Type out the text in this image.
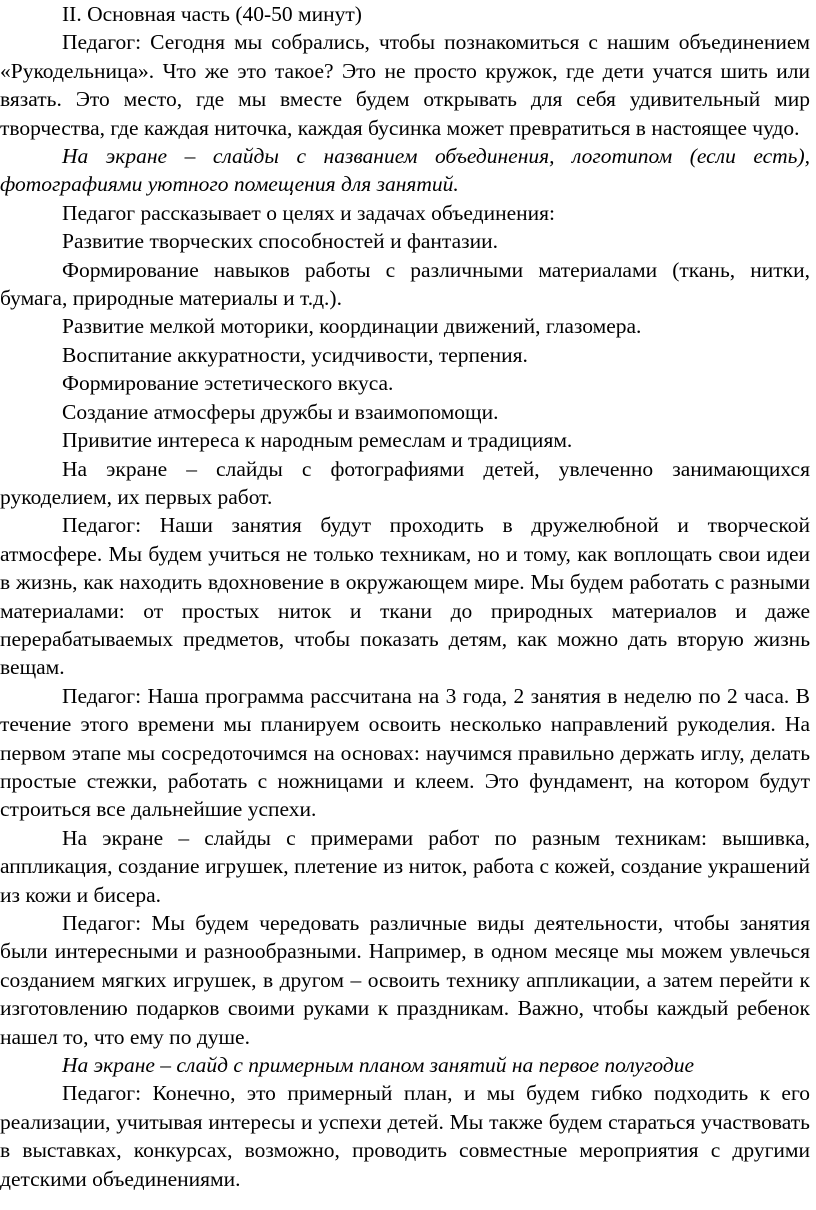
II. Основная часть (40-50 минут)

Педагог: Сегодня мы собрались, чтобы познакомиться с нашим объединением «Рукодельница». Что же это такое? Это не просто кружок, где дети учатся шить или вязать. Это место, где мы вместе будем открывать для себя удивительный мир творчества, где каждая ниточка, каждая бусинка может превратиться в настоящее чудо.

На экране – слайды с названием объединения, логотипом (если есть), фотографиями уютного помещения для занятий.

Педагог рассказывает о целях и задачах объединения:

Развитие творческих способностей и фантазии.

Формирование навыков работы с различными материалами (ткань, нитки, бумага, природные материалы и т.д.).

Развитие мелкой моторики, координации движений, глазомера.

Воспитание аккуратности, усидчивости, терпения.

Формирование эстетического вкуса.

Создание атмосферы дружбы и взаимопомощи.

Привитие интереса к народным ремеслам и традициям.

На экране – слайды с фотографиями детей, увлеченно занимающихся рукоделием, их первых работ.

Педагог: Наши занятия будут проходить в дружелюбной и творческой атмосфере. Мы будем учиться не только техникам, но и тому, как воплощать свои идеи в жизнь, как находить вдохновение в окружающем мире. Мы будем работать с разными материалами: от простых ниток и ткани до природных материалов и даже перерабатываемых предметов, чтобы показать детям, как можно дать вторую жизнь вещам.

Педагог: Наша программа рассчитана на 3 года, 2 занятия в неделю по 2 часа. В течение этого времени мы планируем освоить несколько направлений рукоделия. На первом этапе мы сосредоточимся на основах: научимся правильно держать иглу, делать простые стежки, работать с ножницами и клеем. Это фундамент, на котором будут строиться все дальнейшие успехи.

На экране – слайды с примерами работ по разным техникам: вышивка, аппликация, создание игрушек, плетение из ниток, работа с кожей, создание украшений из кожи и бисера.

Педагог: Мы будем чередовать различные виды деятельности, чтобы занятия были интересными и разнообразными. Например, в одном месяце мы можем увлечься созданием мягких игрушек, в другом – освоить технику аппликации, а затем перейти к изготовлению подарков своими руками к праздникам. Важно, чтобы каждый ребенок нашел то, что ему по душе.

На экране – слайд с примерным планом занятий на первое полугодие

Педагог: Конечно, это примерный план, и мы будем гибко подходить к его реализации, учитывая интересы и успехи детей. Мы также будем стараться участвовать в выставках, конкурсах, возможно, проводить совместные мероприятия с другими детскими объединениями.
